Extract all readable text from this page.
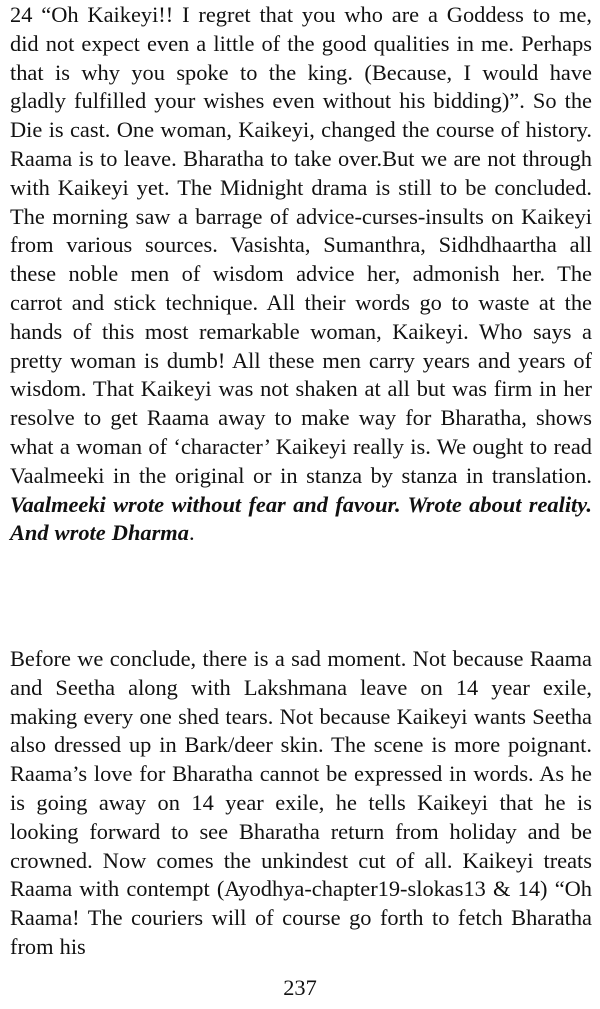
24 “Oh Kaikeyi!! I regret that you who are a Goddess to me, did not expect even a little of the good qualities in me. Perhaps that is why you spoke to the king. (Because, I would have gladly fulfilled your wishes even without his bidding)”. So the Die is cast. One woman, Kaikeyi, changed the course of history. Raama is to leave. Bharatha to take over.But we are not through with Kaikeyi yet. The Midnight drama is still to be concluded. The morning saw a barrage of advice-curses-insults on Kaikeyi from various sources. Vasishta, Sumanthra, Sidhdhaartha all these noble men of wisdom advice her, admonish her. The carrot and stick technique. All their words go to waste at the hands of this most remarkable woman, Kaikeyi. Who says a pretty woman is dumb! All these men carry years and years of wisdom. That Kaikeyi was not shaken at all but was firm in her resolve to get Raama away to make way for Bharatha, shows what a woman of ‘character’ Kaikeyi really is. We ought to read Vaalmeeki in the original or in stanza by stanza in translation. Vaalmeeki wrote without fear and favour. Wrote about reality. And wrote Dharma.

Before we conclude, there is a sad moment. Not because Raama and Seetha along with Lakshmana leave on 14 year exile, making every one shed tears. Not because Kaikeyi wants Seetha also dressed up in Bark/deer skin. The scene is more poignant. Raama’s love for Bharatha cannot be expressed in words. As he is going away on 14 year exile, he tells Kaikeyi that he is looking forward to see Bharatha return from holiday and be crowned. Now comes the unkindest cut of all. Kaikeyi treats Raama with contempt (Ayodhya-chapter19-slokas13 & 14) “Oh Raama! The couriers will of course go forth to fetch Bharatha from his

237
